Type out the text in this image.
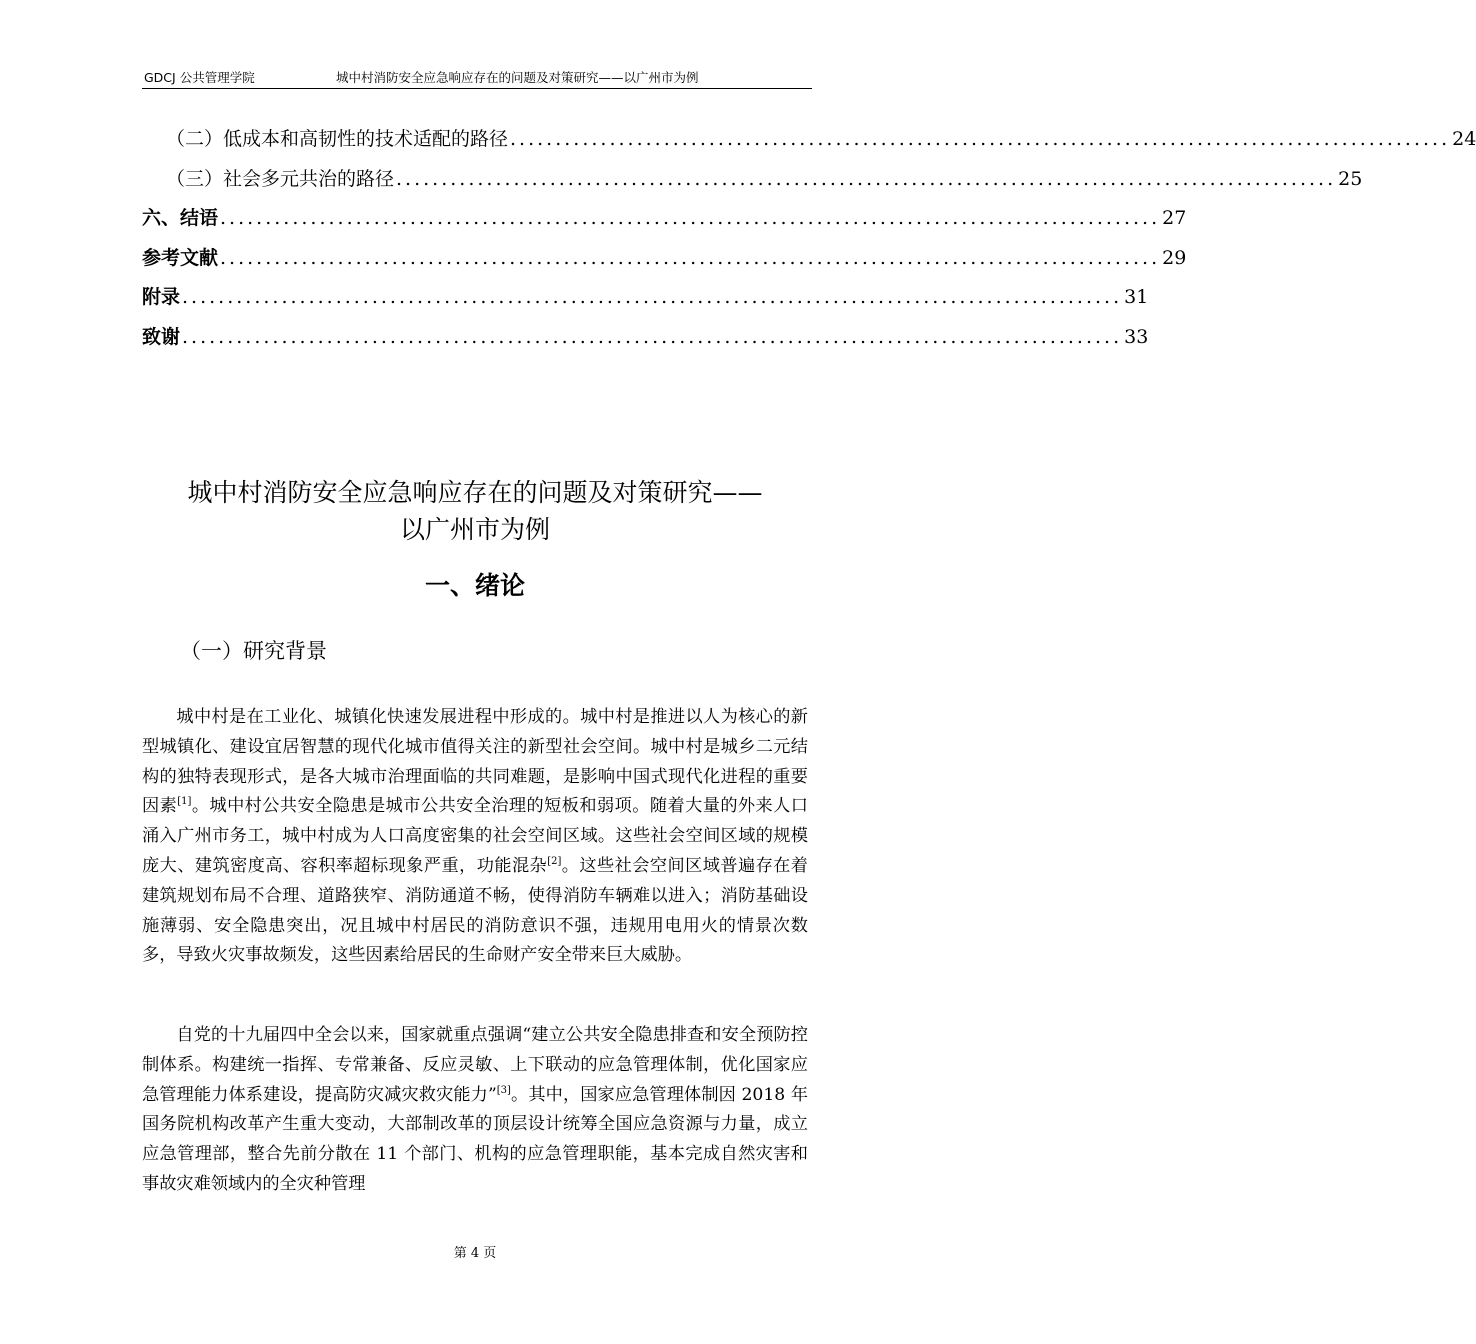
GDCJ 公共管理学院	城中村消防安全应急响应存在的问题及对策研究——以广州市为例
（二）低成本和高韧性的技术适配的路径 ........................................................................................................ 24
（三）社会多元共治的路径 ........................................................................................................ 25
六、结语 ........................................................................................................ 27
参考文献 ........................................................................................................ 29
附录 ........................................................................................................ 31
致谢 ........................................................................................................ 33
城中村消防安全应急响应存在的问题及对策研究——
以广州市为例
一、绪论
（一）研究背景

城中村是在工业化、城镇化快速发展进程中形成的。城中村是推进以人为核心的新型城镇化、建设宜居智慧的现代化城市值得关注的新型社会空间。城中村是城乡二元结构的独特表现形式，是各大城市治理面临的共同难题，是影响中国式现代化进程的重要因素[1]。城中村公共安全隐患是城市公共安全治理的短板和弱项。随着大量的外来人口涌入广州市务工，城中村成为人口高度密集的社会空间区域。这些社会空间区域的规模庞大、建筑密度高、容积率超标现象严重，功能混杂[2]。这些社会空间区域普遍存在着建筑规划布局不合理、道路狭窄、消防通道不畅，使得消防车辆难以进入；消防基础设施薄弱、安全隐患突出，况且城中村居民的消防意识不强，违规用电用火的情景次数多，导致火灾事故频发，这些因素给居民的生命财产安全带来巨大威胁。

自党的十九届四中全会以来，国家就重点强调“建立公共安全隐患排查和安全预防控制体系。构建统一指挥、专常兼备、反应灵敏、上下联动的应急管理体制，优化国家应急管理能力体系建设，提高防灾减灾救灾能力”[3]。其中，国家应急管理体制因 2018 年国务院机构改革产生重大变动，大部制改革的顶层设计统筹全国应急资源与力量，成立应急管理部，整合先前分散在 11 个部门、机构的应急管理职能，基本完成自然灾害和事故灾难领域内的全灾种管理

第 4 页
